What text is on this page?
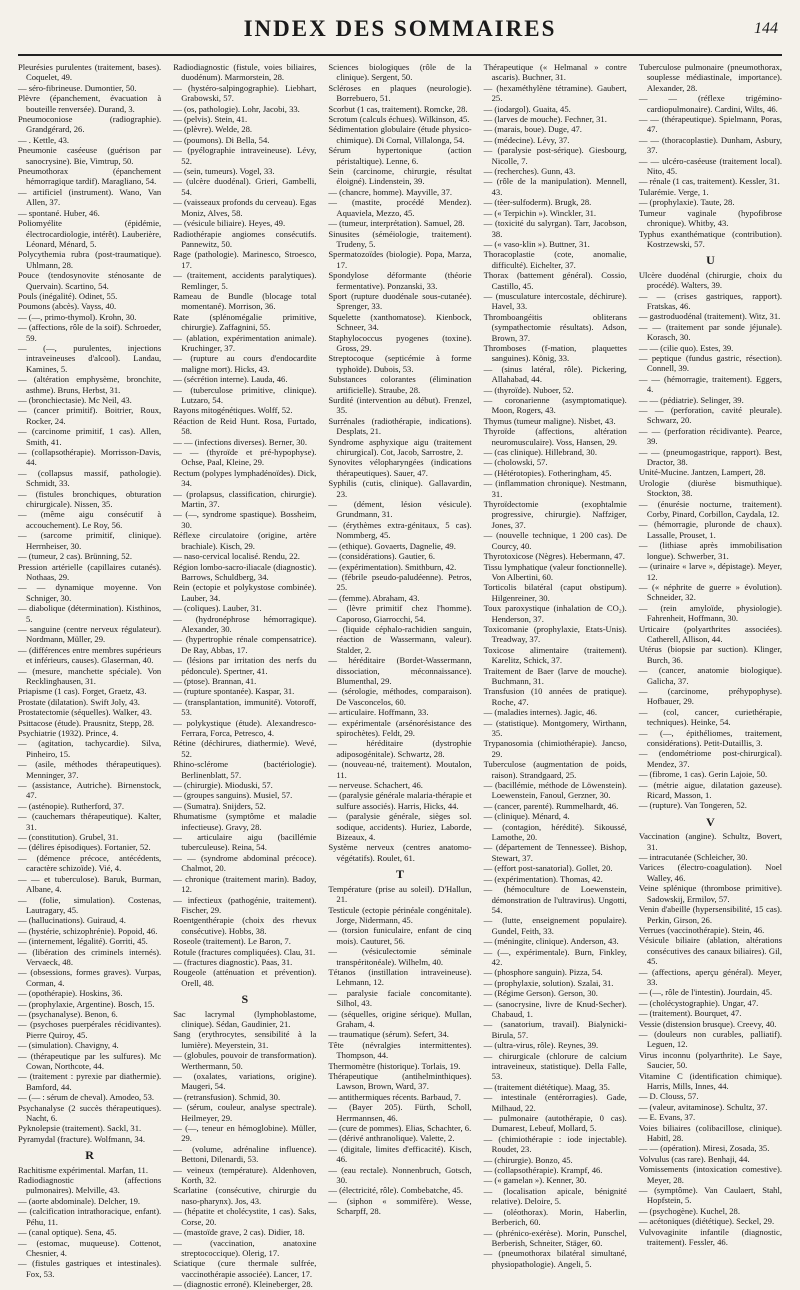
INDEX DES SOMMAIRES	144

Pleurésies purulentes (traitement, bases). Coquelet, 49.

— séro-fibrineuse. Dumontier, 50.

Plèvre (épanchement, évacuation à bouteille renversée). Durand, 3.

Pneumoconiose (radiographie). Grandgérard, 26.

— . Kettle, 43.

Pneumonie caséeuse (guérison par sanocrysine). Bie, Vimtrup, 50.

Pneumothorax (épanchement hémorragique tardif). Maragliano, 54.

— artificiel (instrument). Wano, Van Allen, 37.

— spontané. Huber, 46.

Poliomyélite (épidémie, électrocardiologie, intérêt). Lauberière, Léonard, Ménard, 5.

Polycythemia rubra (post-traumatique). Uhlmann, 28.

Pouce (tendosynovite sténosante de Quervain). Scartino, 54.

Pouls (inégalité). Odinet, 55.

Poumons (abcès). Vayss, 40.

— (—, primo-thymol). Krohn, 30.

— (affections, rôle de la soif). Schroeder, 59.

— (—, purulentes, injections intraveineuses d'alcool). Landau, Kamines, 5.

— (altération emphysème, bronchite, asthme). Bruns, Herbst, 31.

— (bronchiectasie). Mc Neil, 43.

— (cancer primitif). Boitrier, Roux, Rocker, 24.

— (carcinome primitif, 1 cas). Allen, Smith, 41.

— (collapsothérapie). Morrisson-Davis, 44.

— (collapsus massif, pathologie). Schmidt, 33.

— (fistules bronchiques, obturation chirurgicale). Nissen, 35.

— (même aigu consécutif à accouchement). Le Roy, 56.

— (sarcome primitif, clinique). Herrnheiser, 30.

— (tumeur, 2 cas). Brünning, 52.

Pression artérielle (capillaires cutanés). Nothaas, 29.

— — dynamique moyenne. Von Schniger, 30.

— diabolique (détermination). Kisthinos, 5.

— sanguine (centre nerveux régulateur). Nordmann, Müller, 29.

— (différences entre membres supérieurs et inférieurs, causes). Glaserman, 40.

— (mesure, manchette spéciale). Von Recklinghausen, 31.

Priapisme (1 cas). Forget, Graetz, 43.

Prostate (dilatation). Swift Joly, 43.

Prostatectomie (séquelles). Walker, 43.

Psittacose (étude). Prausnitz, Stepp, 28.

Psychiatrie (1932). Prince, 4.

— (agitation, tachycardie). Silva, Pinheiro, 15.

— (asile, méthodes thérapeutiques). Menninger, 37.

— (assistance, Autriche). Birnenstock, 47.

— (asténopie). Rutherford, 37.

— (cauchemars thérapeutique). Kalter, 31.

— (constitution). Grubel, 31.

— (délires épisodiques). Fortanier, 52.

— (démence précoce, antécédents, caractère schizoïde). Vié, 4.

— — et tuberculose). Baruk, Burman, Albane, 4.

— (folie, simulation). Costenas, Lautragary, 45.

— (hallucinations). Guiraud, 4.

— (hystérie, schizophrénie). Popoid, 46.

— (internement, légalité). Gorriti, 45.

— (libération des criminels internés). Vervaeck, 48.

— (obsessions, formes graves). Vurpas, Corman, 4.

— (opothérapie). Hoskins, 36.

— (prophylaxie, Argentine). Bosch, 15.

— (psychanalyse). Benon, 6.

— (psychoses puerpérales récidivantes). Pierre Quiroy, 45.

— (simulation). Chavigny, 4.

— (thérapeutique par les sulfures). Mc Cowan, Northcote, 44.

— (traitement : pyrexie par diathermie). Bamford, 44.

— (— : sérum de cheval). Amodeo, 53.

Psychanalyse (2 succès thérapeutiques). Nacht, 6.

Pyknolepsie (traitement). Sackl, 31.

Pyramydal (fracture). Wolfmann, 34.

R

Rachitisme expérimental. Marfan, 11.

Radiodiagnostic (affections pulmonaires). Melville, 43.

— (aorte abdominale). Delcher, 19.

— (calcification intrathoracique, enfant). Péhu, 11.

— (canal optique). Sena, 45.

— (estomac, muqueuse). Cottenot, Chesnier, 4.

— (fistules gastriques et intestinales). Fox, 53.

Radiodiagnostic (fistule, voies biliaires, duodénum). Marmorstein, 28.

— (hystéro-salpingographie). Liebhart, Grabowski, 57.

— (os, pathologie). Lohr, Jacobi, 33.

— (pelvis). Stein, 41.

— (plèvre). Welde, 28.

— (poumons). Di Bella, 54.

— (pyélographie intraveineuse). Lévy, 52.

— (sein, tumeurs). Vogel, 33.

— (ulcère duodénal). Grieri, Gambelli, 54.

— (vaisseaux profonds du cerveau). Egas Moniz, Alves, 58.

— (vésicule biliaire). Heyes, 49.

Radiothérapie angiomes consécutifs. Pannewitz, 50.

Rage (pathologie). Marinesco, Stroesco, 17.

— (traitement, accidents paralytiques). Remlinger, 5.

Rameau de Bundle (blocage total momentané). Morrison, 36.

Rate (splénomégalie primitive, chirurgie). Zaffagnini, 55.

— (ablation, expérimentation animale). Kruchinger, 37.

— (rupture au cours d'endocardite maligne mort). Hicks, 43.

— (sécrétion interne). Lauda, 46.

— (tuberculose primitive, clinique). Lutzaro, 54.

Rayons mitogénétiques. Wolff, 52.

Réaction de Reid Hunt. Rosa, Furtado, 58.

— — (infections diverses). Berner, 30.

— — (thyroïde et pré-hypophyse). Ochse, Paal, Kleine, 29.

Rectum (polypes lymphadénoïdes). Dick, 34.

— (prolapsus, classification, chirurgie). Martin, 37.

— (—, syndrome spastique). Bossheim, 30.

Réflexe circulatoire (origine, artère brachiale). Kisch, 29.

— naso-cervical localisé. Rendu, 22.

Région lombo-sacro-iliacale (diagnostic). Barrows, Schuldberg, 34.

Rein (ectopie et polykystose combinée). Lauber, 34.

— (coliques). Lauber, 31.

— (hydronéphrose hémorragique). Alexander, 30.

— (hypertrophie rénale compensatrice). De Ray, Abbas, 17.

— (lésions par irritation des nerfs du pédoncule). Spertner, 41.

— (ptose). Brannan, 41.

— (rupture spontanée). Kaspar, 31.

— (transplantation, immunité). Votoroff, 53.

— polykystique (étude). Alexandresco-Ferrara, Forca, Petresco, 4.

Rétine (déchirures, diathermie). Wevé, 52.

Rhino-sclérome (bactériologie). Berlinenblatt, 57.

— (chirurgie). Mioduski, 57.

— (groupes sanguins). Musiel, 57.

— (Sumatra). Snijders, 52.

Rhumatisme (symptôme et maladie infectieuse). Gravy, 28.

— articulaire aigu (bacillémie tuberculeuse). Reina, 54.

— — (syndrome abdominal précoce). Chalmot, 20.

— chronique (traitement marin). Badoy, 12.

— infectieux (pathogénie, traitement). Fischer, 29.

Roentgenthérapie (choix des rhevux consécutive). Hobbs, 38.

Roseole (traitement). Le Baron, 7.

Rotule (fractures compliquées). Clau, 31.

— (fractures diagnostic). Paas, 31.

Rougeole (atténuation et prévention). Orell, 48.

S

Sac lacrymal (lymphoblastome, clinique). Sédan, Gaudinier, 21.

Sang (erythrocytes, sensibilité à la lumière). Meyerstein, 31.

— (globules, pouvoir de transformation). Werthermann, 50.

— (oxalates, variations, origine). Maugeri, 54.

— (retransfusion). Schmid, 30.

— (sérum, couleur, analyse spectrale). Heilmeyer, 29.

— (—, teneur en hémoglobine). Müller, 29.

— (volume, adrénaline influence). Bettoni, Dilenardi, 53.

— veineux (température). Aldenhoven, Korth, 32.

Scarlatine (consécutive, chirurgie du naso-pharynx). Jos, 43.

— (hépatite et cholécystite, 1 cas). Saks, Corse, 20.

— (mastoïde grave, 2 cas). Didier, 18.

— (vaccination, anatoxine streptococcique). Olerig, 17.

Sciatique (cure thermale sulfrée, vaccinothérapie associée). Lancer, 17.

— (diagnostic erroné). Kleineberger, 28.

Sciences biologiques (rôle de la clinique). Sergent, 50.

Scléroses en plaques (neurologie). Borrebuero, 51.

Scorbut (1 cas, traitement). Romcke, 28.

Scrotum (calculs échues). Wilkinson, 45.

Sédimentation globulaire (étude physico-chimique). Di Cornal, Villalonga, 54.

Sérum hypertonique (action péristaltique). Lenne, 6.

Sein (carcinome, chirurgie, résultat éloigné). Lindenstein, 39.

— (chancre, homme). Mayville, 37.

— (mastite, procédé Mendez). Aquaviela, Mezzo, 45.

— (tumeur, interprétation). Samuel, 28.

Sinusites (séméiologie, traitement). Trudeny, 5.

Spermatozoïdes (biologie). Popa, Marza, 17.

Spondylose déformante (théorie fermentative). Ponzanski, 33.

Sport (rupture duodénale sous-cutanée). Sprenger, 33.

Squelette (xanthomatose). Kienbock, Schneer, 34.

Staphylococcus pyogenes (toxine). Gross, 29.

Streptocoque (septicémie à forme typhoïde). Dubois, 53.

Substances colorantes (élimination artificielle). Straube, 28.

Surdité (intervention au début). Frenzel, 35.

Surrénales (radiothérapie, indications). Desplats, 21.

Syndrome asphyxique aigu (traitement chirurgical). Cot, Jacob, Sarrostre, 2.

Synovites vélopharyngées (indications thérapeutiques). Sauer, 47.

Syphilis (cutis, clinique). Gallavardin, 23.

— (dément, lésion vésicule). Grundmann, 31.

— (érythèmes extra-génitaux, 5 cas). Nommberg, 45.

— (ethique). Govaerts, Dagnelie, 49.

— (considérations). Gautier, 6.

— (expérimentation). Smithburn, 42.

— (fébrile pseudo-paludéenne). Petros, 25.

— (femme). Abraham, 43.

— (lèvre primitif chez l'homme). Caporoso, Giarrocchi, 54.

— (liquide céphalo-rachidien sanguin, réaction de Wassermann, valeur). Stalder, 2.

— héréditaire (Bordet-Wassermann, dissociation, méconnaissance). Blumenthal, 29.

— (sérologie, méthodes, comparaison). De Vasconcelos, 60.

— articulaire. Hoffmann, 33.

— expérimentale (arsénorésistance des spirochètes). Feldt, 29.

— héréditaire (dystrophie adiposogénitale). Schwartz, 28.

— (nouveau-né, traitement). Moutalon, 11.

— nerveuse. Schachert, 46.

— (paralysie générale malaria-thérapie et sulfure associés). Harris, Hicks, 44.

— (paralysie générale, sièges sol. sodique, accidents). Huriez, Laborde, Bizeaux, 4.

Système nerveux (centres anatomo-végétatifs). Roulet, 61.

T

Température (prise au soleil). D'Hallun, 21.

Testicule (ectopie périnéale congénitale). Jorge, Nidermann, 45.

— (torsion funiculaire, enfant de cinq mois). Cauturet, 56.

— (vésiculectomie séminale transpéritonéale). Wilhelm, 40.

Tétanos (instillation intraveineuse). Lehmann, 12.

— paralysie faciale concomitante). Silhol, 43.

— (séquelles, origine sérique). Mullan, Graham, 4.

— traumatique (sérum). Sefert, 34.

Tête (névralgies intermittentes). Thompson, 44.

Thermomètre (historique). Torlais, 19.

Thérapeutique (antihelminthiques). Lawson, Brown, Ward, 37.

— antithermiques récents. Barbaud, 7.

— (Bayer 205). Fürth, Scholl, Herrmannsen, 46.

— (cure de pommes). Elias, Schachter, 6.

— (dérivé anthranolique). Valette, 2.

— (digitale, limites d'efficacité). Kisch, 46.

— (eau rectale). Nonnenbruch, Gotsch, 30.

— (électricité, rôle). Combebatche, 45.

— (siphon « sommifère). Wesse, Scharpff, 28.

Thérapeutique (« Helmanal » contre ascaris). Buchner, 31.

— (hexaméthylène tétramine). Gaubert, 25.

— (iodargol). Guaita, 45.

— (larves de mouche). Fechner, 31.

— (marais, boue). Duge, 47.

— (médecine). Lévy, 37.

— (paralysie post-sérique). Giesbourg, Nicolle, 7.

— (recherches). Gunn, 43.

— (rôle de la manipulation). Mennell, 43.

— (tèer-sulfoderm). Brugk, 28.

— (« Terpichin »). Winckler, 31.

— (toxicité du salyrgan). Tarr, Jacobson, 38.

— (« vaso-klin »). Buttner, 31.

Thoracoplastie (cote, anomalie, difficulté). Eichelter, 37.

Thorax (battement général). Cossio, Castillo, 45.

— (musculature intercostale, déchirure). Havel, 33.

Thromboangéitis obliterans (sympathectomie résultats). Adson, Brown, 37.

Thromboses (f-mation, plaquettes sanguines). König, 33.

— (sinus latéral, rôle). Pickering, Allahabad, 44.

— (thyroïde). Nuboer, 52.

— coronarienne (asymptomatique). Moon, Rogers, 43.

Thymus (tumeur maligne). Nisbet, 43.

Thyroïde (affections, altération neuromusculaire). Voss, Hansen, 29.

— (cas clinique). Hillebrand, 30.

— (cholowski, 57.

— (Hétérotopies). Fotheringham, 45.

— (inflammation chronique). Nestmann, 31.

Thyroïdectomie (exophtalmie progressive, chirurgie). Naffziger, Jones, 37.

— (nouvelle technique, 1 200 cas). De Courcy, 40.

Thyrotoxicose (Nègres). Hebermann, 47.

Tissu lymphatique (valeur fonctionnelle). Von Albertini, 60.

Torticolis bilatéral (caput obstipum). Hilgenreiner, 30.

Toux paroxystique (inhalation de CO₂). Henderson, 37.

Toxicomanie (prophylaxie, Etats-Unis). Treadway, 37.

Toxicose alimentaire (traitement). Karelitz, Schick, 37.

Traitement de Baer (larve de mouche). Buchmann, 31.

Transfusion (10 années de pratique). Roche, 47.

— (maladies internes). Jagic, 46.

— (statistique). Montgomery, Wirthann, 35.

Trypanosomia (chimiothérapie). Jancso, 29.

Tuberculose (augmentation de poids, raison). Strandgaard, 25.

— (bacillémie, méthode de Löwenstein). Loewenstein, Fanoul, Gerzner, 30.

— (cancer, parenté). Rummelhardt, 46.

— (clinique). Ménard, 4.

— (contagion, hérédité). Sikoussé, Lamothe, 20.

— (département de Tennessee). Bishop, Stewart, 37.

— (effort post-sanatorial). Gollet, 20.

— (expérimentation). Thomas, 42.

— (hémoculture de Loewenstein, démonstration de l'ultravirus). Ungotti, 54.

— (lutte, enseignement populaire). Gundel, Feith, 33.

— (méningite, clinique). Anderson, 43.

— (—, expérimentale). Burn, Finkley, 42.

— (phosphore sanguin). Pizza, 54.

— (prophylaxie, solution). Szalai, 31.

— (Régime Gerson). Gerson, 30.

— (sanocrysine, livre de Knud-Secher). Chabaud, 1.

— (sanatorium, travail). Bialynicki-Birula, 57.

— (ultra-virus, rôle). Reynes, 39.

— chirurgicale (chlorure de calcium intraveineux, statistique). Della Falle, 53.

— (traitement diététique). Maag, 35.

— intestinale (entérorragies). Gade, Milhaud, 22.

— pulmonaire (autothérapie, 0 cas). Dumarest, Lebeuf, Mollard, 5.

— (chimiothérapie : iode injectable). Roudet, 23.

— (chirurgie). Bonzo, 45.

— (collapsothérapie). Krampf, 46.

— (« gamelan »). Kenner, 30.

— (localisation apicale, bénignité relative). Deloire, 5.

— (oléothorax). Morin, Haberlin, Berberich, 60.

— (phrénico-exérèse). Morin, Punschel, Berberish, Schneiter, Stäger, 60.

— (pneumothorax bilatéral simultané, physiopathologie). Angeli, 5.

Tuberculose pulmonaire (pneumothorax, souplesse médiastinale, importance). Alexander, 28.

— — (réflexe trigémino-cardiopulmonaire). Cardini, Wilts, 46.

— — (thérapeutique). Spielmann, Poras, 47.

— — (thoracoplastie). Dunham, Asbury, 37.

— — ulcéro-caséeuse (traitement local). Nito, 45.

— rénale (1 cas, traitement). Kessler, 31.

Tularémie. Verge, 1.

— (prophylaxie). Taute, 28.

Tumeur vaginale (hypofibrose chronique). Whitby, 43.

Typhus exanthématique (contribution). Kostrzewski, 57.

U

Ulcère duodénal (chirurgie, choix du procédé). Walters, 39.

— — (crises gastriques, rapport). Fratskas, 46.

— gastroduodénal (traitement). Witz, 31.

— — (traitement par sonde jéjunale). Korasch, 30.

— — (cilie quo). Estes, 39.

— peptique (fundus gastric, résection). Connell, 39.

— — (hémorragie, traitement). Eggers, 4.

— — (pédiatrie). Selinger, 39.

— — (perforation, cavité pleurale). Schwarz, 20.

— — (perforation récidivante). Pearce, 39.

— — (pneumogastrique, rapport). Best, Dractor, 38.

Unité-Mucine. Jantzen, Lampert, 28.

Urologie (diurèse bismuthique). Stockton, 38.

— (énurésie nocturne, traitement). Corby, Pinard, Corbillon, Caydala, 12.

— (hémorragie, pluronde de chaux). Lassalle, Prouset, 1.

— (lithiase après immobilisation longue). Schwerber, 31.

— (urinaire « larve », dépistage). Meyer, 12.

— (« néphrite de guerre » évolution). Schneider, 32.

— (rein amyloïde, physiologie). Fahrenheit, Hoffmann, 30.

Urticaire (polyarthrites associées). Catherell, Allison, 44.

Utérus (biopsie par suction). Klinger, Burch, 36.

— (cancer, anatomie biologique). Galicha, 37.

— (carcinome, préhypophyse). Hofbauer, 29.

— (col, cancer, curiethérapie, techniques). Heinke, 54.

— (—, épithéliomes, traitement, considérations). Petit-Dutaillis, 3.

— (endométriome post-chirurgical). Mendez, 37.

— (fibrome, 1 cas). Gerin Lajoie, 50.

— (métrie aigue, dilatation gazeuse). Ricard, Masson, 1.

— (rupture). Van Tongeren, 52.

V

Vaccination (angine). Schultz, Bovert, 31.

— intracutanée (Schleicher, 30.

Varices (électro-coagulation). Noel Walley, 46.

Veine splénique (thrombose primitive). Sadowskij, Ermilov, 57.

Venin d'abeille (hypersensibilité, 15 cas). Perkin, Girson, 26.

Verrues (vaccinothérapie). Stein, 46.

Vésicule biliaire (ablation, altérations consécutives des canaux biliaires). Gil, 45.

— (affections, aperçu général). Meyer, 33.

— (—, rôle de l'intestin). Jourdain, 45.

— (cholécystographie). Ungar, 47.

— (traitement). Bourquet, 47.

Vessie (distension brusque). Creevy, 40.

— (douleurs non curables, palliatif). Leguen, 12.

Virus inconnu (polyarthrite). Le Saye, Saucier, 50.

Vitamine C (identification chimique). Harris, Mills, Innes, 44.

— D. Clouss, 57.

— (valeur, avitaminose). Schultz, 37.

— E. Evans, 37.

Voies biliaires (colibacillose, clinique). Habitl, 28.

— — (opération). Miresi, Zosada, 35.

Volvulus (cas rare). Benhaji, 44.

Vomissements (intoxication comestive). Meyer, 28.

— (symptôme). Van Caulaert, Stahl, Hopfstein, 5.

— (psychogène). Kuchel, 28.

— acétoniques (diététique). Seckel, 29.

Vulvovaginite infantile (diagnostic, traitement). Fessler, 46.
